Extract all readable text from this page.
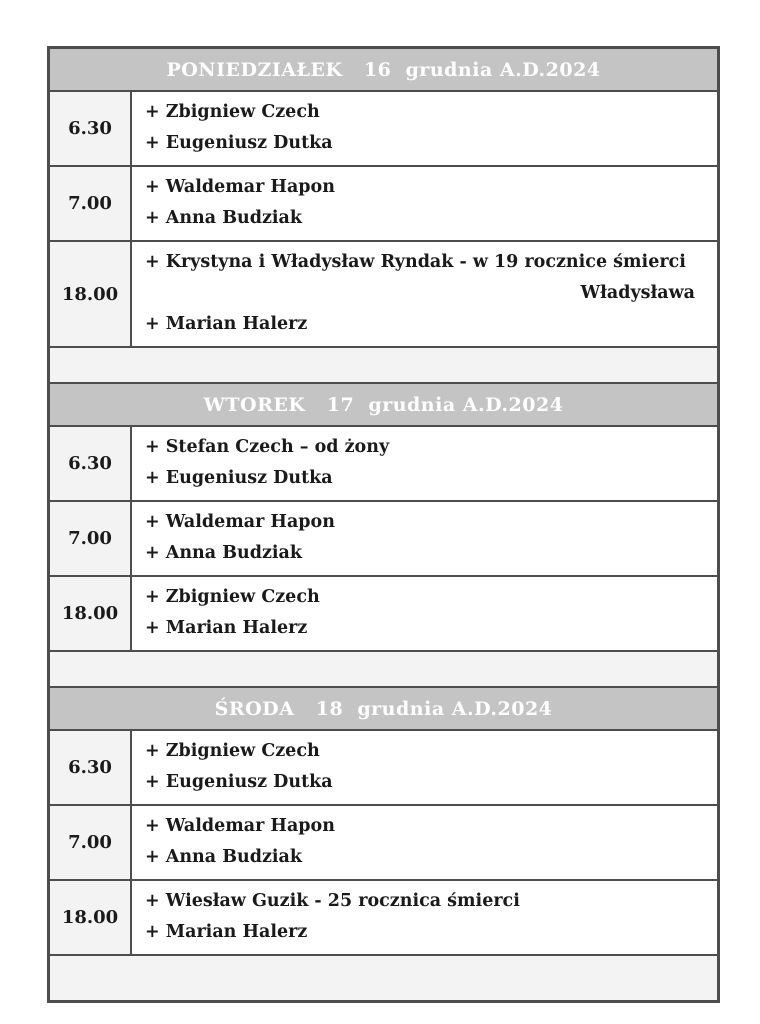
PONIEDZIAŁEK   16  grudnia A.D.2024
6.30
+ Zbigniew Czech
+ Eugeniusz Dutka
7.00
+ Waldemar Hapon
+ Anna Budziak
18.00
+ Krystyna i Władysław Ryndak - w 19 rocznice śmierci
Władysława
+ Marian Halerz
WTOREK   17  grudnia A.D.2024
6.30
+ Stefan Czech – od żony
+ Eugeniusz Dutka
7.00
+ Waldemar Hapon
+ Anna Budziak
18.00
+ Zbigniew Czech
+ Marian Halerz
ŚRODA   18  grudnia A.D.2024
6.30
+ Zbigniew Czech
+ Eugeniusz Dutka
7.00
+ Waldemar Hapon
+ Anna Budziak
18.00
+ Wiesław Guzik - 25 rocznica śmierci
+ Marian Halerz
